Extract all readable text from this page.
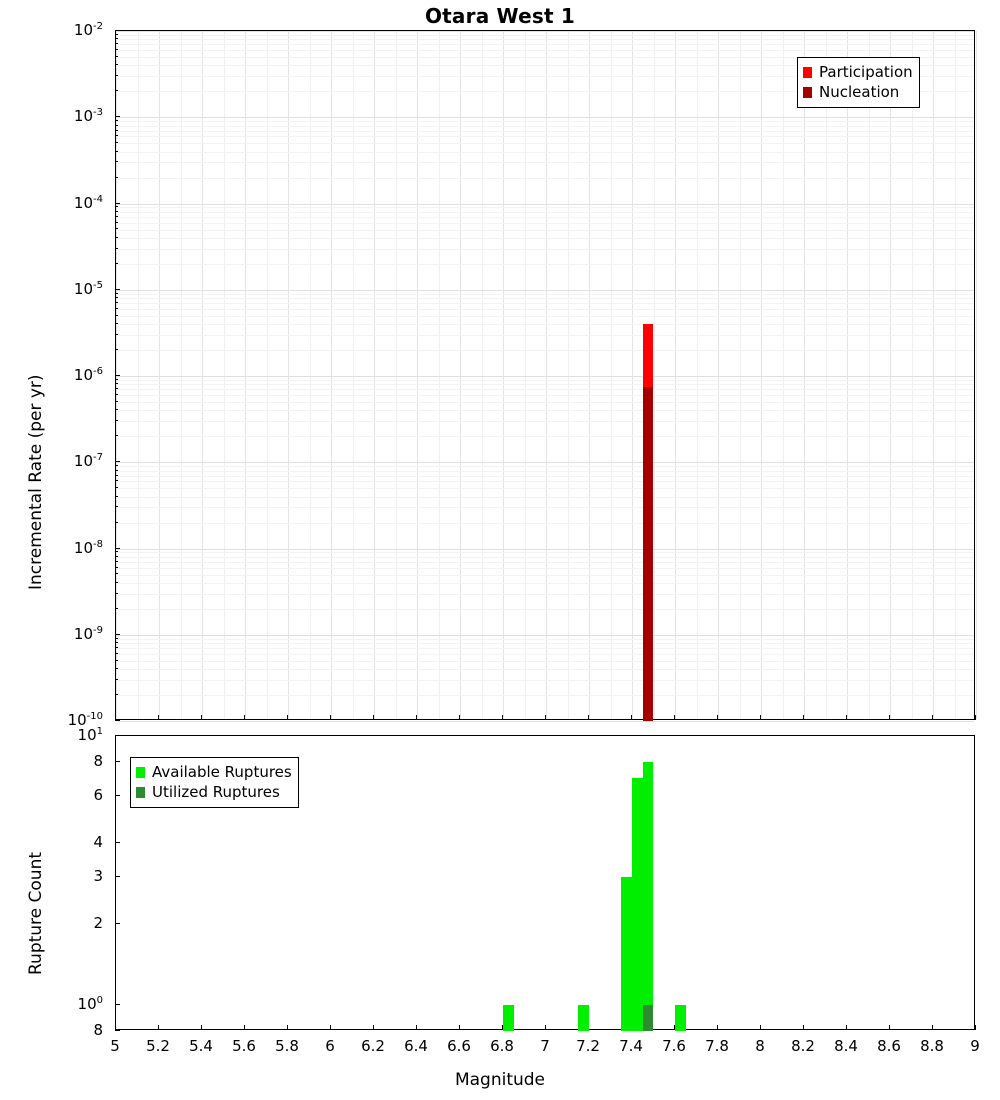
Otara West 1
$10^{-2}$
$10^{-3}$
$10^{-4}$
$10^{-5}$
$10^{-6}$
$10^{-7}$
$10^{-8}$
$10^{-9}$
$10^{-10}$
Incremental Rate (per yr)
Participation
Nucleation
$10^1$
8
6
4
3
2
$10^0$
8
5 5.2 5.4 5.6 5.8 6 6.2 6.4 6.6 6.8 7 7.2 7.4 7.6 7.8 8 8.2 8.4 8.6 8.8 9
Rupture Count
Magnitude
Available Ruptures
Utilized Ruptures
